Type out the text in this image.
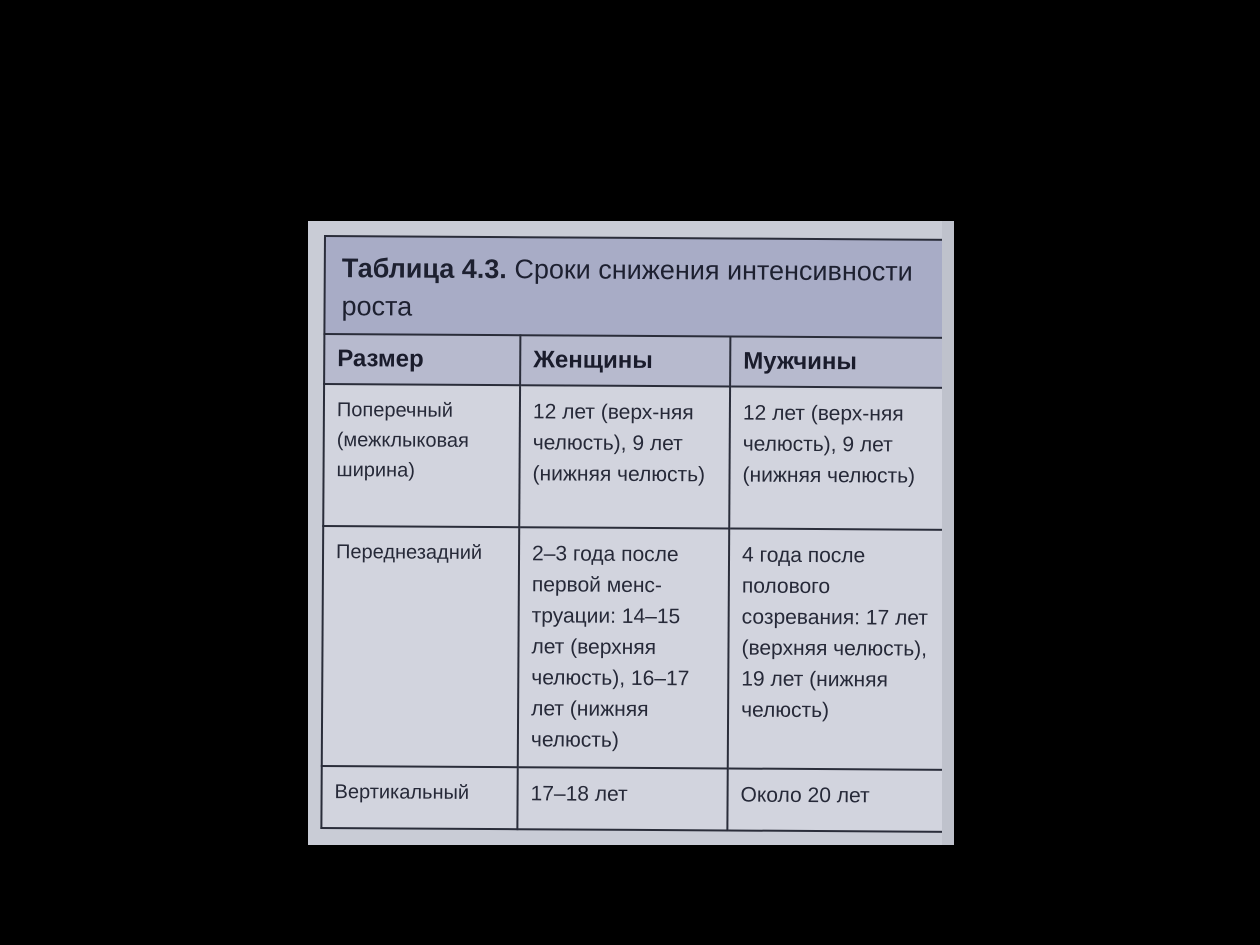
Таблица 4.3. Сроки снижения интенсивности роста		
Размер	Женщины	Мужчины
Поперечный (межклыковая ширина)	12 лет (верх-няя челюсть), 9 лет (нижняя челюсть)	12 лет (верх-няя челюсть), 9 лет (нижняя челюсть)
Переднезадний	2–3 года после первой менс-труации: 14–15 лет (верхняя челюсть), 16–17 лет (нижняя челюсть)	4 года после полового созревания: 17 лет (верхняя челюсть), 19 лет (нижняя челюсть)
Вертикальный	17–18 лет	Около 20 лет
